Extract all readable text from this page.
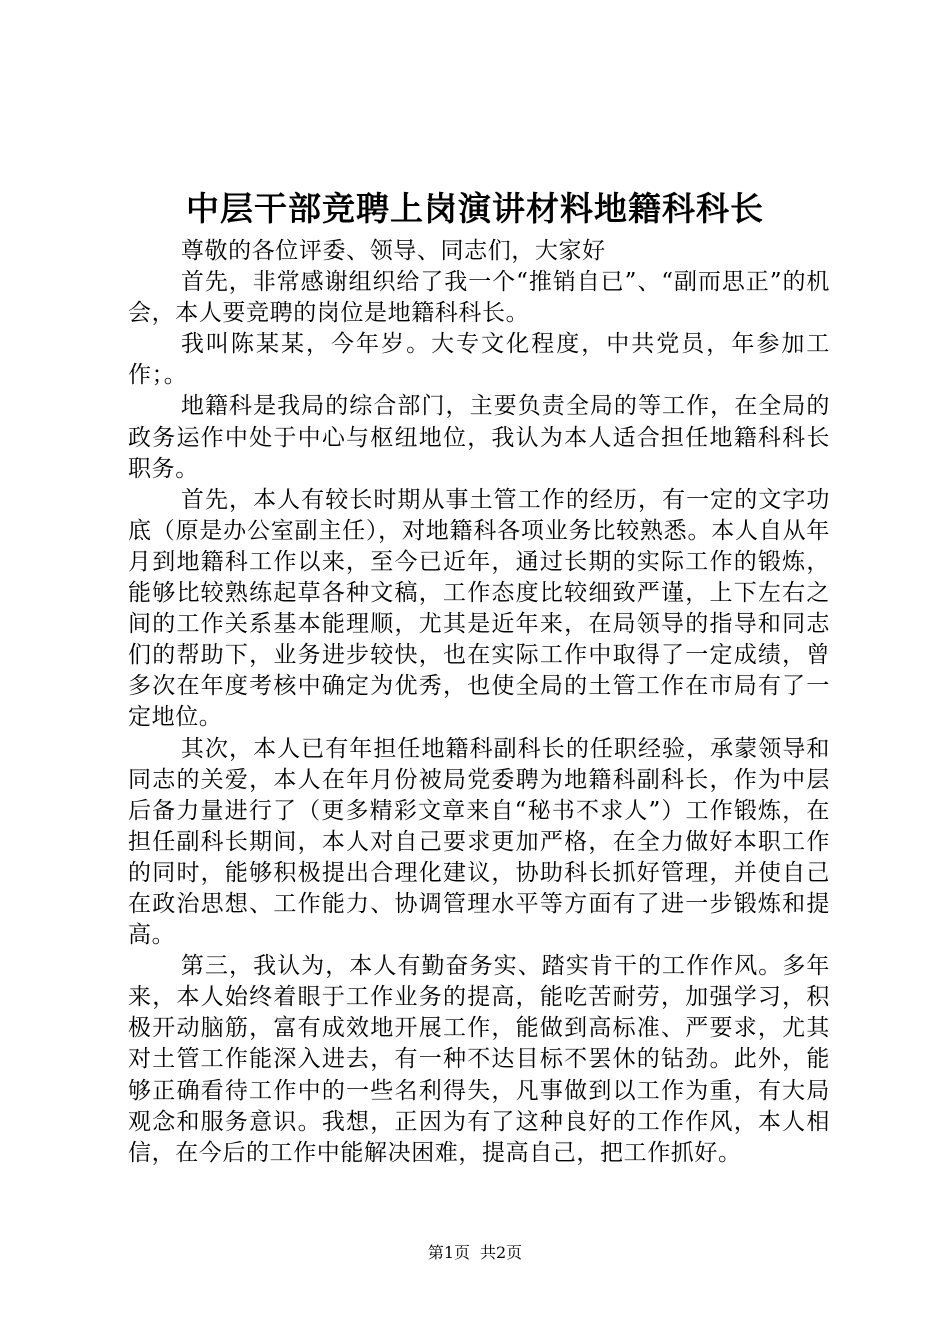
中层干部竞聘上岗演讲材料地籍科科长

尊敬的各位评委、领导、同志们，大家好

首先，非常感谢组织给了我一个“推销自已”、“副而思正”的机会，本人要竞聘的岗位是地籍科科长。

我叫陈某某，今年岁。大专文化程度，中共党员，年参加工作；。

地籍科是我局的综合部门，主要负责全局的等工作，在全局的政务运作中处于中心与枢纽地位，我认为本人适合担任地籍科科长职务。

首先，本人有较长时期从事土管工作的经历，有一定的文字功底（原是办公室副主任），对地籍科各项业务比较熟悉。本人自从年月到地籍科工作以来，至今已近年，通过长期的实际工作的锻炼，能够比较熟练起草各种文稿，工作态度比较细致严谨，上下左右之间的工作关系基本能理顺，尤其是近年来，在局领导的指导和同志们的帮助下，业务进步较快，也在实际工作中取得了一定成绩，曾多次在年度考核中确定为优秀，也使全局的土管工作在市局有了一定地位。

其次，本人已有年担任地籍科副科长的任职经验，承蒙领导和同志的关爱，本人在年月份被局党委聘为地籍科副科长，作为中层后备力量进行了（更多精彩文章来自“秘书不求人”）工作锻炼，在担任副科长期间，本人对自己要求更加严格，在全力做好本职工作的同时，能够积极提出合理化建议，协助科长抓好管理，并使自己在政治思想、工作能力、协调管理水平等方面有了进一步锻炼和提高。

第三，我认为，本人有勤奋务实、踏实肯干的工作作风。多年来，本人始终着眼于工作业务的提高，能吃苦耐劳，加强学习，积极开动脑筋，富有成效地开展工作，能做到高标准、严要求，尤其对土管工作能深入进去，有一种不达目标不罢休的钻劲。此外，能够正确看待工作中的一些名利得失，凡事做到以工作为重，有大局观念和服务意识。我想，正因为有了这种良好的工作作风，本人相信，在今后的工作中能解决困难，提高自己，把工作抓好。

第1页 共2页
